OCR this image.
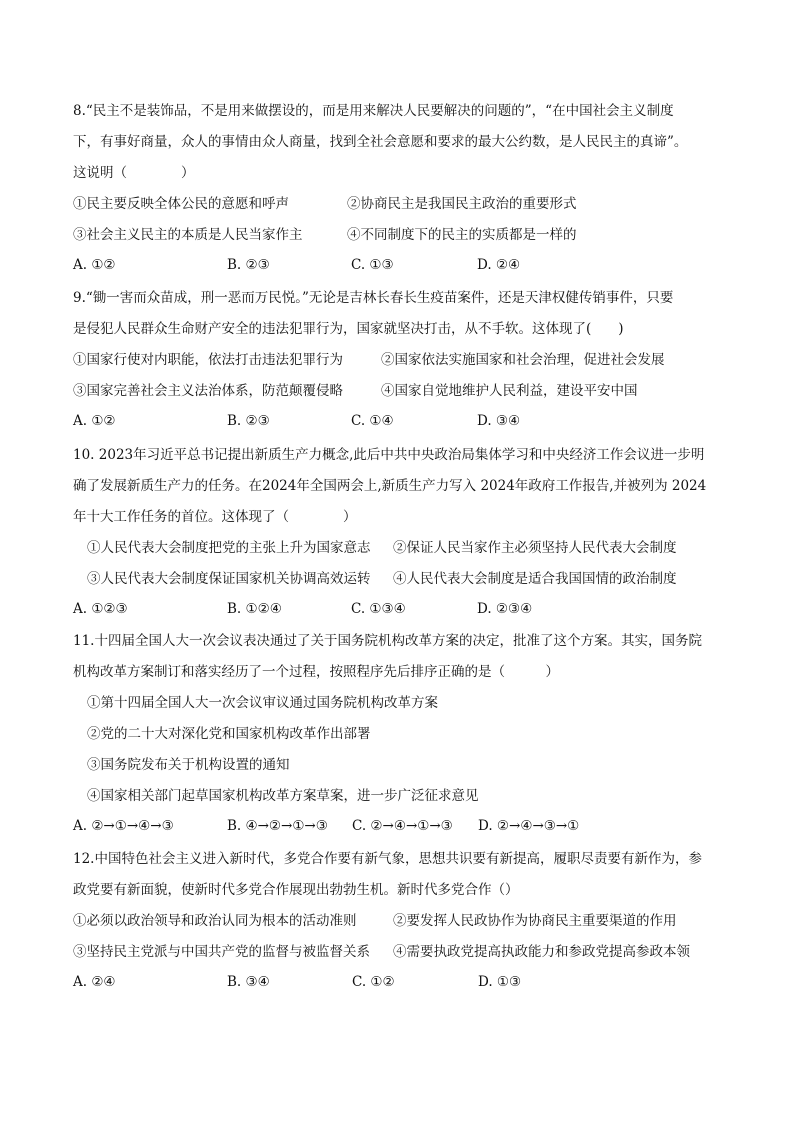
8.“民主不是装饰品，不是用来做摆设的，而是用来解决人民要解决的问题的”，“在中国社会主义制度
下，有事好商量，众人的事情由众人商量，找到全社会意愿和要求的最大公约数，是人民民主的真谛”。
这说明（　　　　）
①民主要反映全体公民的意愿和呼声	②协商民主是我国民主政治的重要形式
③社会主义民主的本质是人民当家作主	④不同制度下的民主的实质都是一样的
A. ①②	B. ②③	C. ①③	D. ②④
9.“锄一害而众苗成，刑一恶而万民悦。”无论是吉林长春长生疫苗案件，还是天津权健传销事件，只要
是侵犯人民群众生命财产安全的违法犯罪行为，国家就坚决打击，从不手软。这体现了(　　)
①国家行使对内职能，依法打击违法犯罪行为	②国家依法实施国家和社会治理，促进社会发展
③国家完善社会主义法治体系，防范颠覆侵略	④国家自觉地维护人民利益，建设平安中国
A. ①②	B. ②③	C. ①④	D. ③④
10. 2023年习近平总书记提出新质生产力概念,此后中共中央政治局集体学习和中央经济工作会议进一步明
确了发展新质生产力的任务。在2024年全国两会上,新质生产力写入 2024年政府工作报告,并被列为 2024
年十大工作任务的首位。这体现了（　　　　）
①人民代表大会制度把党的主张上升为国家意志 ②保证人民当家作主必须坚持人民代表大会制度
③人民代表大会制度保证国家机关协调高效运转 ④人民代表大会制度是适合我国国情的政治制度
A. ①②③	B. ①②④	C. ①③④	D. ②③④
11.十四届全国人大一次会议表决通过了关于国务院机构改革方案的决定，批准了这个方案。其实，国务院
机构改革方案制订和落实经历了一个过程，按照程序先后排序正确的是（　　　）
①第十四届全国人大一次会议审议通过国务院机构改革方案
②党的二十大对深化党和国家机构改革作出部署
③国务院发布关于机构设置的通知
④国家相关部门起草国家机构改革方案草案，进一步广泛征求意见
A. ②→①→④→③	B. ④→②→①→③ C. ②→④→①→③ D. ②→④→③→①
12.中国特色社会主义进入新时代，多党合作要有新气象，思想共识要有新提高，履职尽责要有新作为，参
政党要有新面貌，使新时代多党合作展现出勃勃生机。新时代多党合作（）
①必须以政治领导和政治认同为根本的活动准则	②要发挥人民政协作为协商民主重要渠道的作用
③坚持民主党派与中国共产党的监督与被监督关系 ④需要执政党提高执政能力和参政党提高参政本领
A. ②④	B. ③④	C. ①②	D. ①③
